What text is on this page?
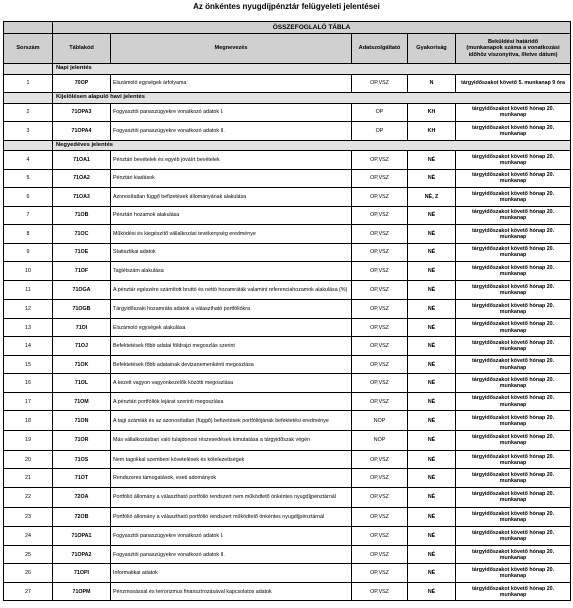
Az önkéntes nyugdíjpénztár felügyeleti jelentései
	ÖSSZEFOGLALÓ TÁBLA				
Sorszám	Táblakód	Megnevezés	Adatszolgáltató	Gyakoriság	Beküldési határidő
(munkanapok száma a vonatkozási időhöz viszonyítva, illetve dátum)

	Napi jelentés				
1	70OP	Elszámoló egységek árfolyama	OP,VSZ	N	tárgyidőszakot követő 5. munkanap 9 óra
	Kijelölésen alapuló havi jelentés				
2	71OPA3	Fogyasztói panaszügyekre vonatkozó adatok I.	OP	KH	tárgyidőszakot követő hónap 20. munkanap
3	71OPA4	Fogyasztói panaszügyekre vonatkozó adatok II.	OP	KH	tárgyidőszakot követő hónap 20. munkanap
	Negyedéves jelentés				
4	71OA1	Pénztári bevételek és egyéb jóváírt bevételek	OP,VSZ	NÉ	tárgyidőszakot követő hónap 20. munkanap
5	71OA2	Pénztári kiadások	OP,VSZ	NÉ	tárgyidőszakot követő hónap 20. munkanap
6	71OA3	Azonosítatlan függő befizetések állományának alakulása	OP,VSZ	NÉ, Z	tárgyidőszakot követő hónap 20. munkanap
7	71OB	Pénztári hozamok alakulása	OP,VSZ	NÉ	tárgyidőszakot követő hónap 20. munkanap
8	71OC	Működési és kiegészítő vállalkozási tevékenység eredménye	OP,VSZ	NÉ	tárgyidőszakot követő hónap 20. munkanap
9	71OE	Statisztikai adatok	OP,VSZ	NÉ	tárgyidőszakot követő hónap 20. munkanap
10	71OF	Taglétszám alakulása	OP,VSZ	NÉ	tárgyidőszakot követő hónap 20. munkanap
11	71OGA	A pénztár egészére számított bruttó és nettó hozamráták valamint referenciahozamok alakulása (%)	OP,VSZ	NÉ	tárgyidőszakot követő hónap 20. munkanap
12	71OGB	Tárgyidőszaki hozamráta adatok a választható portfóliókra	OP,VSZ	NÉ	tárgyidőszakot követő hónap 20. munkanap
13	71OI	Elszámoló egységek alakulása	OP,VSZ	NÉ	tárgyidőszakot követő hónap 20. munkanap
14	71OJ	Befektetések főbb adatai földrajzi megoszlás szerint	OP,VSZ	NÉ	tárgyidőszakot követő hónap 20. munkanap
15	71OK	Befektetések főbb adatainak devizanemenkénti megoszlása	OP,VSZ	NÉ	tárgyidőszakot követő hónap 20. munkanap
16	71OL	A kezelt vagyon vagyonkezelők közötti megoszlása	OP,VSZ	NÉ	tárgyidőszakot követő hónap 20. munkanap
17	71OM	A pénztári portfóliók lejárat szerinti megoszlása	OP,VSZ	NÉ	tárgyidőszakot követő hónap 20. munkanap
18	71ON	A tagi számlák és az azonosítatlan (függő) befizetések portfóliójának befektetési eredménye	NOP	NÉ	tárgyidőszakot követő hónap 20. munkanap
19	71OR	Más vállalkozásban való tulajdonosi részesedések kimutatása a tárgyidőszak végén	NOP	NÉ	tárgyidőszakot követő hónap 20. munkanap
20	71OS	Nem tagokkal szembeni követelések és kötelezettségek	OP,VSZ	NÉ	tárgyidőszakot követő hónap 20. munkanap
21	71OT	Rendszeres támogatások, eseti adományok	OP,VSZ	NÉ	tárgyidőszakot követő hónap 20. munkanap
22	72OA	Portfólió állomány a választható portfólió rendszert nem működtető önkéntes nyugdíjpénztárnál	OP,VSZ	NÉ	tárgyidőszakot követő hónap 20. munkanap
23	72OB	Portfólió állomány a választható portfólió rendszert működtető önkéntes nyugdíjpénztárnál	OP,VSZ	NÉ	tárgyidőszakot követő hónap 20. munkanap
24	71OPA1	Fogyasztói panaszügyekre vonatkozó adatok I.	OP,VSZ	NÉ	tárgyidőszakot követő hónap 20. munkanap
25	71OPA2	Fogyasztói panaszügyekre vonatkozó adatok II.	OP,VSZ	NÉ	tárgyidőszakot követő hónap 20. munkanap
26	71OPI	Informatikai adatok	OP,VSZ	NÉ	tárgyidőszakot követő hónap 20. munkanap
27	71OPM	Pénzmosással és terrorizmus finanszírozásával kapcsolatos adatok	OP,VSZ	NÉ	tárgyidőszakot követő hónap 20. munkanap
